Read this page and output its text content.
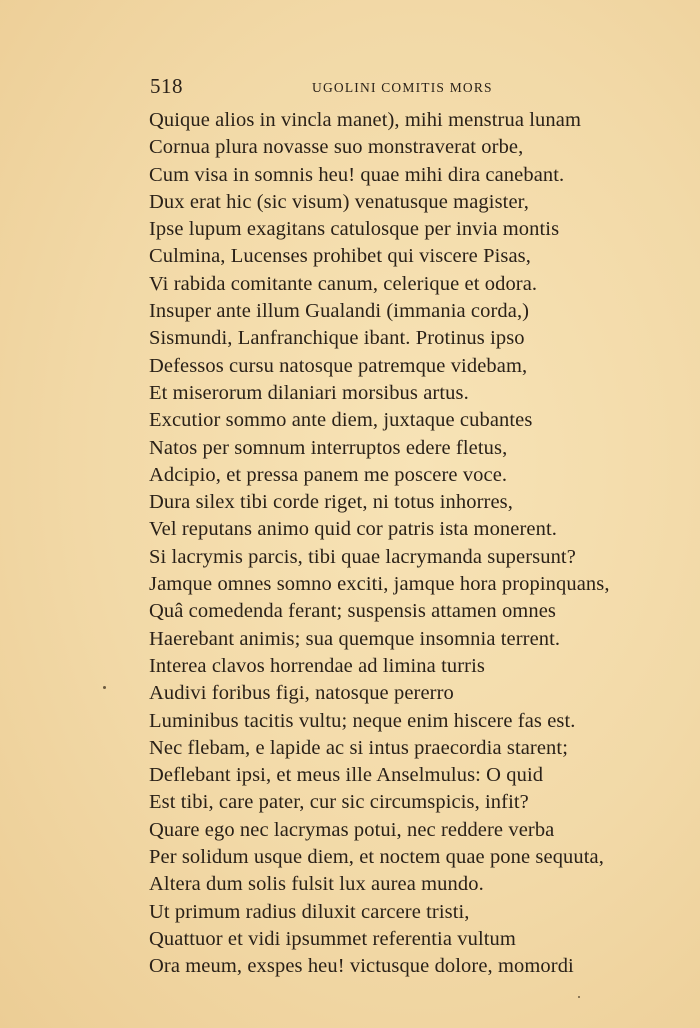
518	UGOLINI COMITIS MORS
Quique alios in vincla manet), mihi menstrua lunam
Cornua plura novasse suo monstraverat orbe,
Cum visa in somnis heu! quae mihi dira canebant.
Dux erat hic (sic visum) venatusque magister,
Ipse lupum exagitans catulosque per invia montis
Culmina, Lucenses prohibet qui viscere Pisas,
Vi rabida comitante canum, celerique et odora.
Insuper ante illum Gualandi (immania corda,)
Sismundi, Lanfranchique ibant. Protinus ipso
Defessos cursu natosque patremque videbam,
Et miserorum dilaniari morsibus artus.
Excutior sommo ante diem, juxtaque cubantes
Natos per somnum interruptos edere fletus,
Adcipio, et pressa panem me poscere voce.
Dura silex tibi corde riget, ni totus inhorres,
Vel reputans animo quid cor patris ista monerent.
Si lacrymis parcis, tibi quae lacrymanda supersunt?
Jamque omnes somno exciti, jamque hora propinquans,
Quâ comedenda ferant; suspensis attamen omnes
Haerebant animis; sua quemque insomnia terrent.
Interea clavos horrendae ad limina turris
Audivi foribus figi, natosque pererro
Luminibus tacitis vultu; neque enim hiscere fas est.
Nec flebam, e lapide ac si intus praecordia starent;
Deflebant ipsi, et meus ille Anselmulus: O quid
Est tibi, care pater, cur sic circumspicis, infit?
Quare ego nec lacrymas potui, nec reddere verba
Per solidum usque diem, et noctem quae pone sequuta,
Altera dum solis fulsit lux aurea mundo.
Ut primum radius diluxit carcere tristi,
Quattuor et vidi ipsummet referentia vultum
Ora meum, exspes heu! victusque dolore, momordi
